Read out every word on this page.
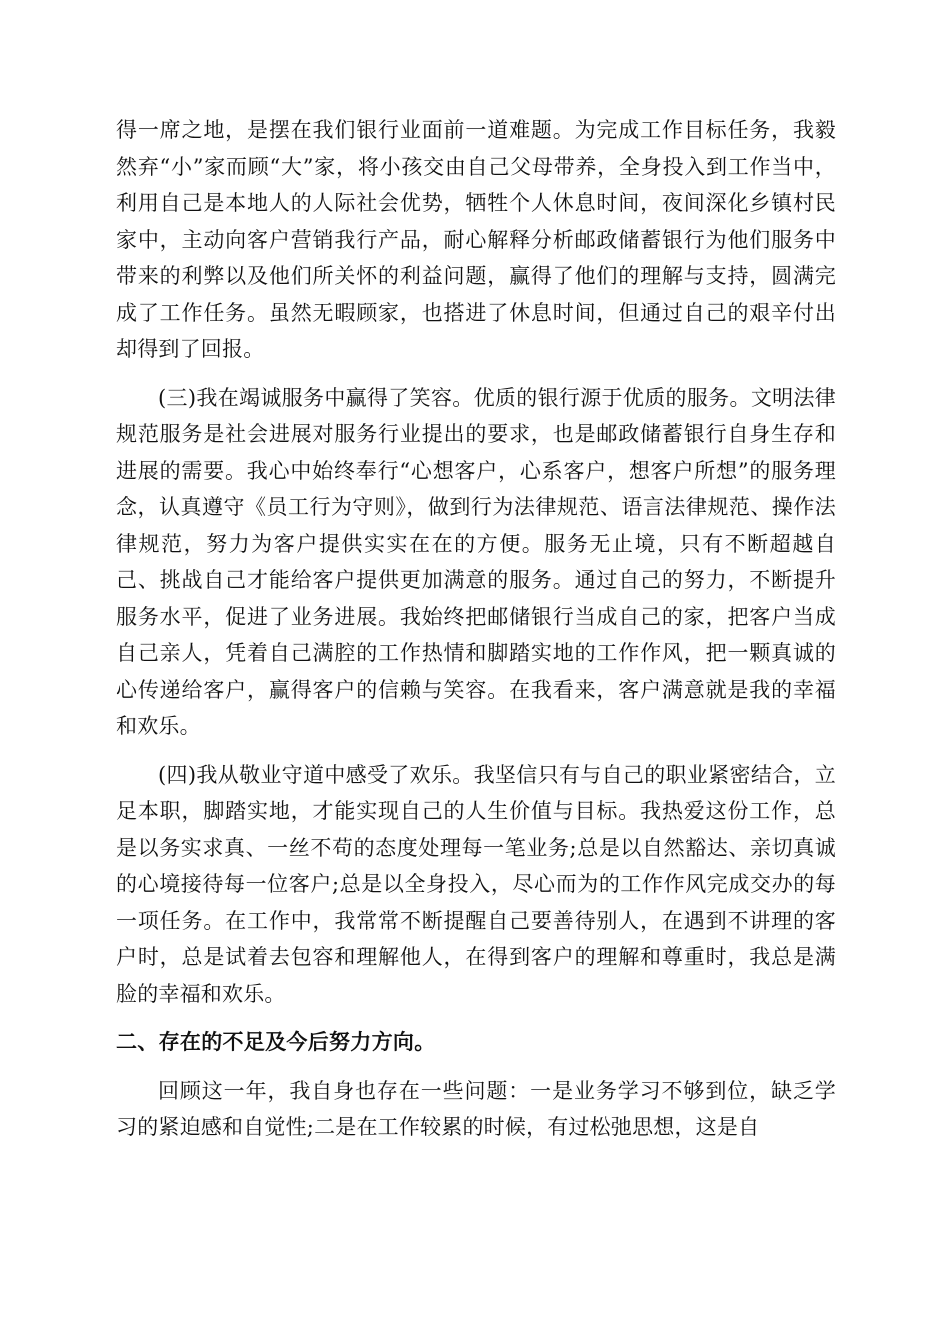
得一席之地，是摆在我们银行业面前一道难题。为完成工作目标任务，我毅然弃“小”家而顾“大”家，将小孩交由自己父母带养，全身投入到工作当中，利用自己是本地人的人际社会优势，牺牲个人休息时间，夜间深化乡镇村民家中，主动向客户营销我行产品，耐心解释分析邮政储蓄银行为他们服务中带来的利弊以及他们所关怀的利益问题，赢得了他们的理解与支持，圆满完成了工作任务。虽然无暇顾家，也搭进了休息时间，但通过自己的艰辛付出却得到了回报。

(三)我在竭诚服务中赢得了笑容。优质的银行源于优质的服务。文明法律规范服务是社会进展对服务行业提出的要求，也是邮政储蓄银行自身生存和进展的需要。我心中始终奉行“心想客户，心系客户，想客户所想”的服务理念，认真遵守《员工行为守则》，做到行为法律规范、语言法律规范、操作法律规范，努力为客户提供实实在在的方便。服务无止境，只有不断超越自己、挑战自己才能给客户提供更加满意的服务。通过自己的努力，不断提升服务水平，促进了业务进展。我始终把邮储银行当成自己的家，把客户当成自己亲人，凭着自己满腔的工作热情和脚踏实地的工作作风，把一颗真诚的心传递给客户，赢得客户的信赖与笑容。在我看来，客户满意就是我的幸福和欢乐。

(四)我从敬业守道中感受了欢乐。我坚信只有与自己的职业紧密结合，立足本职，脚踏实地，才能实现自己的人生价值与目标。我热爱这份工作，总是以务实求真、一丝不苟的态度处理每一笔业务;总是以自然豁达、亲切真诚的心境接待每一位客户;总是以全身投入，尽心而为的工作作风完成交办的每一项任务。在工作中，我常常不断提醒自己要善待别人，在遇到不讲理的客户时，总是试着去包容和理解他人，在得到客户的理解和尊重时，我总是满脸的幸福和欢乐。

二、存在的不足及今后努力方向。

回顾这一年，我自身也存在一些问题：一是业务学习不够到位，缺乏学习的紧迫感和自觉性;二是在工作较累的时候，有过松弛思想，这是自
